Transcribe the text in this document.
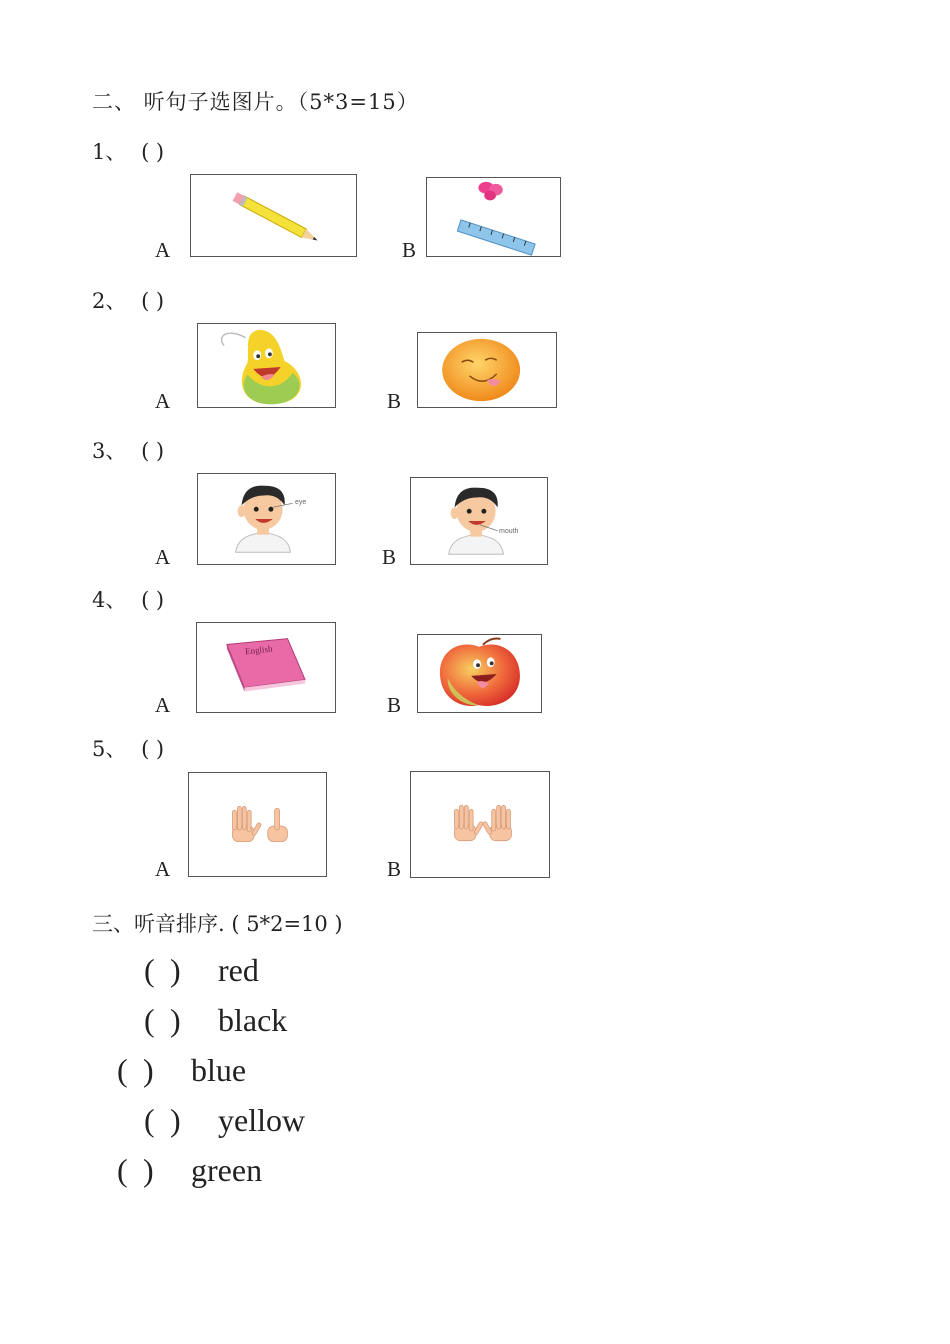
二、 听句子选图片。（5*3=15）
1、 ( )
A	B
2、 ( )
A	B
3、 ( )
A
eye
B
mouth
4、 ( )
A
English
B
5、 ( )
A	B
三、听音排序. ( 5*2=10 )
( ) red
( ) black
( ) blue
( ) yellow
( ) green
